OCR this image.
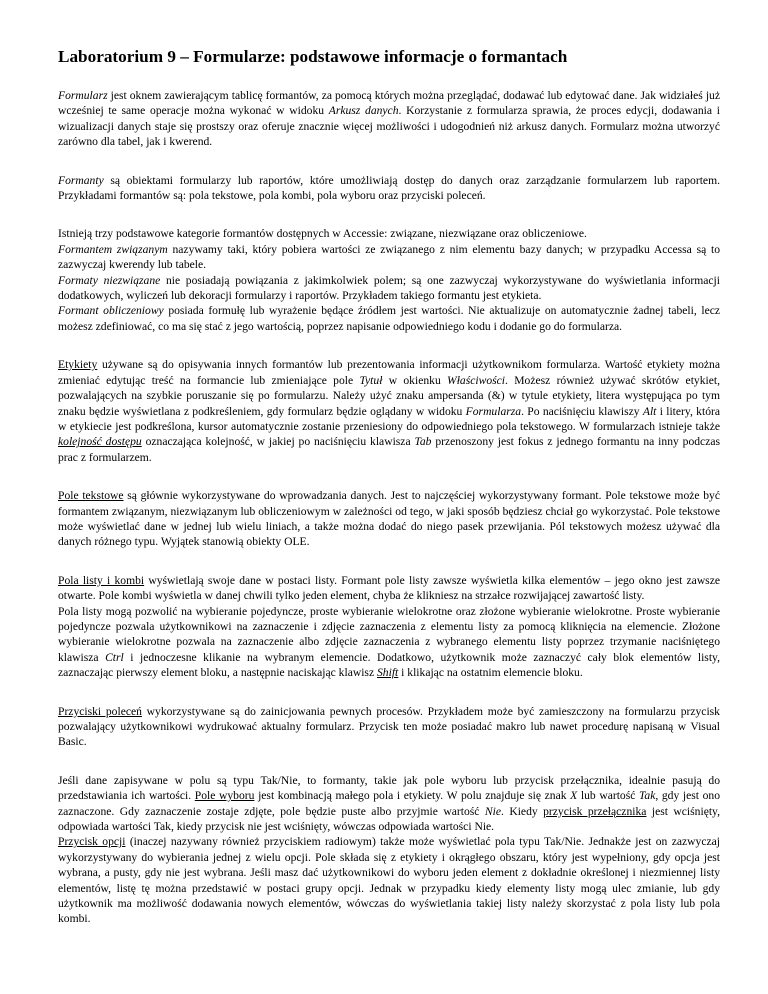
Laboratorium 9 – Formularze: podstawowe informacje o formantach

Formularz jest oknem zawierającym tablicę formantów, za pomocą których można przeglądać, dodawać lub edytować dane. Jak widziałeś już wcześniej te same operacje można wykonać w widoku Arkusz danych. Korzystanie z formularza sprawia, że proces edycji, dodawania i wizualizacji danych staje się prostszy oraz oferuje znacznie więcej możliwości i udogodnień niż arkusz danych. Formularz można utworzyć zarówno dla tabel, jak i kwerend.

Formanty są obiektami formularzy lub raportów, które umożliwiają dostęp do danych oraz zarządzanie formularzem lub raportem. Przykładami formantów są: pola tekstowe, pola kombi, pola wyboru oraz przyciski poleceń.

Istnieją trzy podstawowe kategorie formantów dostępnych w Accessie: związane, niezwiązane oraz obliczeniowe.

Formantem związanym nazywamy taki, który pobiera wartości ze związanego z nim elementu bazy danych; w przypadku Accessa są to zazwyczaj kwerendy lub tabele.

Formaty niezwiązane nie posiadają powiązania z jakimkolwiek polem; są one zazwyczaj wykorzystywane do wyświetlania informacji dodatkowych, wyliczeń lub dekoracji formularzy i raportów. Przykładem takiego formantu jest etykieta.

Formant obliczeniowy posiada formułę lub wyrażenie będące źródłem jest wartości. Nie aktualizuje on automatycznie żadnej tabeli, lecz możesz zdefiniować, co ma się stać z jego wartością, poprzez napisanie odpowiedniego kodu i dodanie go do formularza.

Etykiety używane są do opisywania innych formantów lub prezentowania informacji użytkownikom formularza. Wartość etykiety można zmieniać edytując treść na formancie lub zmieniające pole Tytuł w okienku Właściwości. Możesz również używać skrótów etykiet, pozwalających na szybkie poruszanie się po formularzu. Należy użyć znaku ampersanda (&) w tytule etykiety, litera występująca po tym znaku będzie wyświetlana z podkreśleniem, gdy formularz będzie oglądany w widoku Formularza. Po naciśnięciu klawiszy Alt i litery, która w etykiecie jest podkreślona, kursor automatycznie zostanie przeniesiony do odpowiedniego pola tekstowego. W formularzach istnieje także kolejność dostępu oznaczająca kolejność, w jakiej po naciśnięciu klawisza Tab przenoszony jest fokus z jednego formantu na inny podczas prac z formularzem.

Pole tekstowe są głównie wykorzystywane do wprowadzania danych. Jest to najczęściej wykorzystywany formant. Pole tekstowe może być formantem związanym, niezwiązanym lub obliczeniowym w zależności od tego, w jaki sposób będziesz chciał go wykorzystać. Pole tekstowe może wyświetlać dane w jednej lub wielu liniach, a także można dodać do niego pasek przewijania. Pól tekstowych możesz używać dla danych różnego typu. Wyjątek stanowią obiekty OLE.

Pola listy i kombi wyświetlają swoje dane w postaci listy. Formant pole listy zawsze wyświetla kilka elementów – jego okno jest zawsze otwarte. Pole kombi wyświetla w danej chwili tylko jeden element, chyba że klikniesz na strzałce rozwijającej zawartość listy.

Pola listy mogą pozwolić na wybieranie pojedyncze, proste wybieranie wielokrotne oraz złożone wybieranie wielokrotne. Proste wybieranie pojedyncze pozwala użytkownikowi na zaznaczenie i zdjęcie zaznaczenia z elementu listy za pomocą kliknięcia na elemencie. Złożone wybieranie wielokrotne pozwala na zaznaczenie albo zdjęcie zaznaczenia z wybranego elementu listy poprzez trzymanie naciśniętego klawisza Ctrl i jednoczesne klikanie na wybranym elemencie. Dodatkowo, użytkownik może zaznaczyć cały blok elementów listy, zaznaczając pierwszy element bloku, a następnie naciskając klawisz Shift i klikając na ostatnim elemencie bloku.

Przyciski poleceń wykorzystywane są do zainicjowania pewnych procesów. Przykładem może być zamieszczony na formularzu przycisk pozwalający użytkownikowi wydrukować aktualny formularz. Przycisk ten może posiadać makro lub nawet procedurę napisaną w Visual Basic.

Jeśli dane zapisywane w polu są typu Tak/Nie, to formanty, takie jak pole wyboru lub przycisk przełącznika, idealnie pasują do przedstawiania ich wartości. Pole wyboru jest kombinacją małego pola i etykiety. W polu znajduje się znak X lub wartość Tak, gdy jest ono zaznaczone. Gdy zaznaczenie zostaje zdjęte, pole będzie puste albo przyjmie wartość Nie. Kiedy przycisk przełącznika jest wciśnięty, odpowiada wartości Tak, kiedy przycisk nie jest wciśnięty, wówczas odpowiada wartości Nie.
Przycisk opcji (inaczej nazywany również przyciskiem radiowym) także może wyświetlać pola typu Tak/Nie. Jednakże jest on zazwyczaj wykorzystywany do wybierania jednej z wielu opcji. Pole składa się z etykiety i okrągłego obszaru, który jest wypełniony, gdy opcja jest wybrana, a pusty, gdy nie jest wybrana. Jeśli masz dać użytkownikowi do wyboru jeden element z dokładnie określonej i niezmiennej listy elementów, listę tę można przedstawić w postaci grupy opcji. Jednak w przypadku kiedy elementy listy mogą ulec zmianie, lub gdy użytkownik ma możliwość dodawania nowych elementów, wówczas do wyświetlania takiej listy należy skorzystać z pola listy lub pola kombi.
